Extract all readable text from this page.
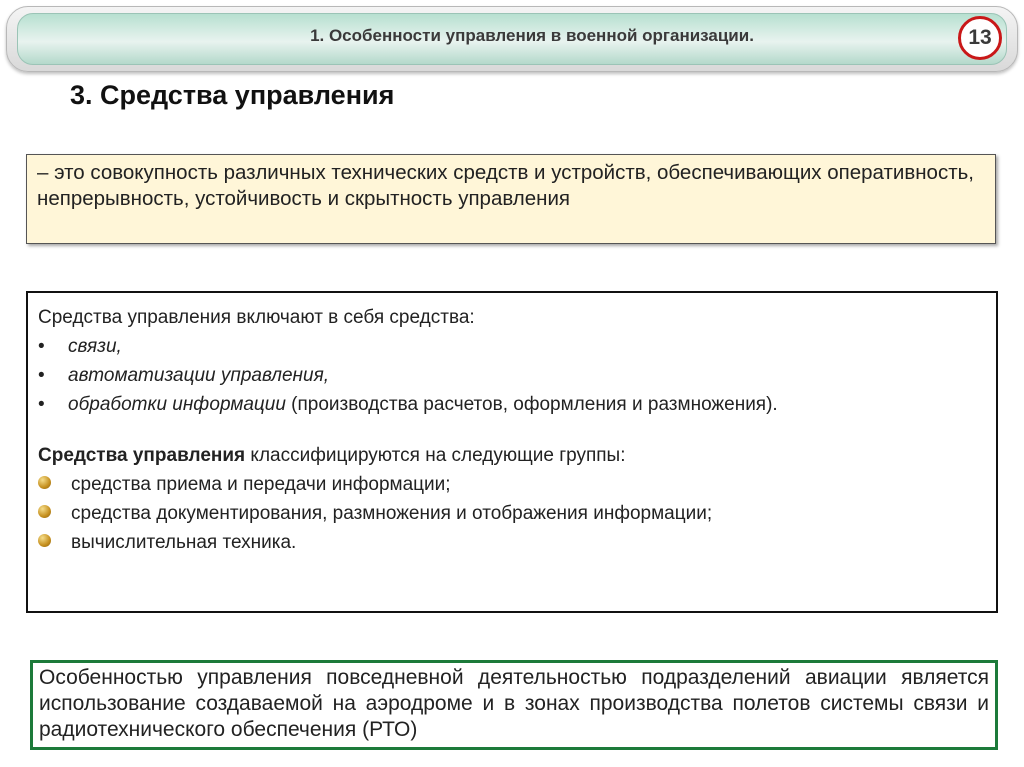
1. Особенности управления в военной организации.	13
3. Средства управления
– это совокупность различных технических средств и устройств, обеспечивающих оперативность, непрерывность, устойчивость и скрытность управления
Средства управления включают в себя средства:
• связи,
• автоматизации управления,
• обработки информации (производства расчетов, оформления и размножения).
Средства управления классифицируются на следующие группы:
средства приема и передачи информации;
средства документирования, размножения и отображения информации;
вычислительная техника.
Особенностью управления повседневной деятельностью подразделений авиации является использование создаваемой на аэродроме и в зонах производства полетов системы связи и радиотехнического обеспечения (РТО)
